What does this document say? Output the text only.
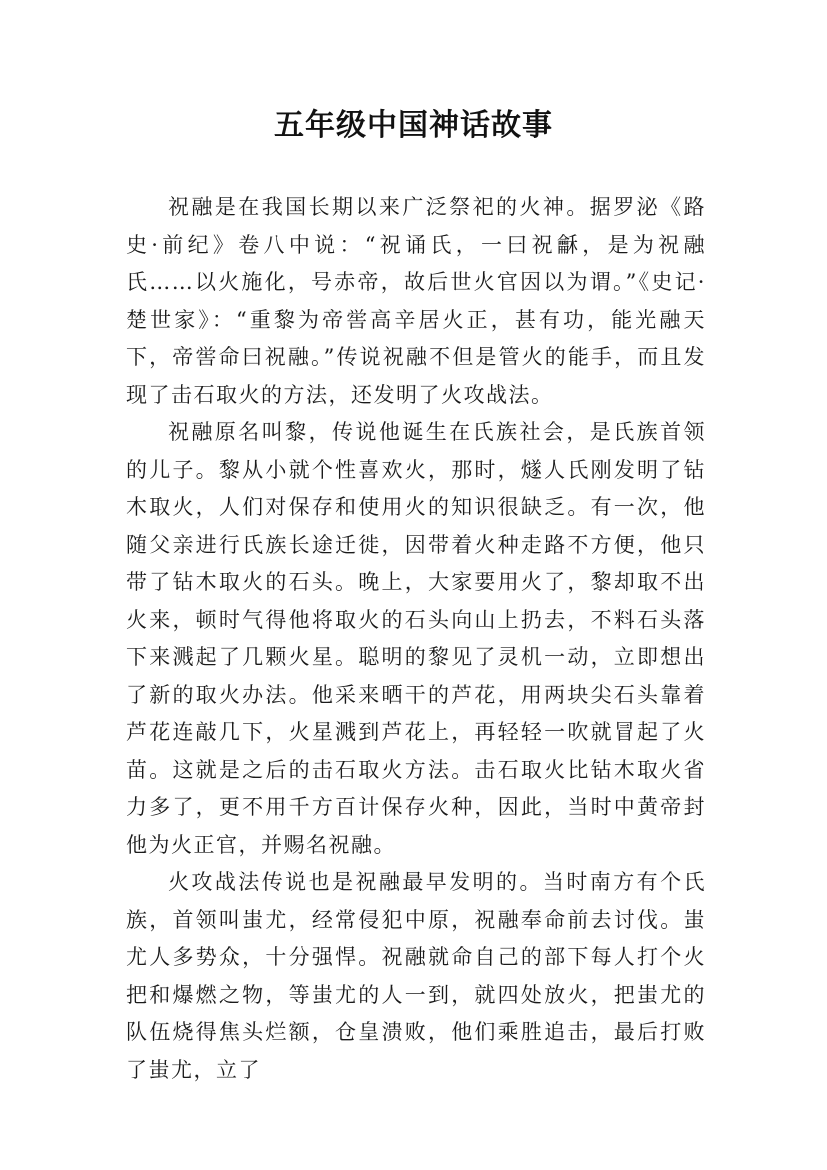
五年级中国神话故事

祝融是在我国长期以来广泛祭祀的火神。据罗泌《路史·前纪》卷八中说：“祝诵氏，一曰祝龢，是为祝融氏……以火施化，号赤帝，故后世火官因以为谓。”《史记·楚世家》：“重黎为帝喾高辛居火正，甚有功，能光融天下，帝喾命曰祝融。”传说祝融不但是管火的能手，而且发现了击石取火的方法，还发明了火攻战法。

祝融原名叫黎，传说他诞生在氏族社会，是氏族首领的儿子。黎从小就个性喜欢火，那时，燧人氏刚发明了钻木取火，人们对保存和使用火的知识很缺乏。有一次，他随父亲进行氏族长途迁徙，因带着火种走路不方便，他只带了钻木取火的石头。晚上，大家要用火了，黎却取不出火来，顿时气得他将取火的石头向山上扔去，不料石头落下来溅起了几颗火星。聪明的黎见了灵机一动，立即想出了新的取火办法。他采来晒干的芦花，用两块尖石头靠着芦花连敲几下，火星溅到芦花上，再轻轻一吹就冒起了火苗。这就是之后的击石取火方法。击石取火比钻木取火省力多了，更不用千方百计保存火种，因此，当时中黄帝封他为火正官，并赐名祝融。

火攻战法传说也是祝融最早发明的。当时南方有个氏族，首领叫蚩尤，经常侵犯中原，祝融奉命前去讨伐。蚩尤人多势众，十分强悍。祝融就命自己的部下每人打个火把和爆燃之物，等蚩尤的人一到，就四处放火，把蚩尤的队伍烧得焦头烂额，仓皇溃败，他们乘胜追击，最后打败了蚩尤，立了
